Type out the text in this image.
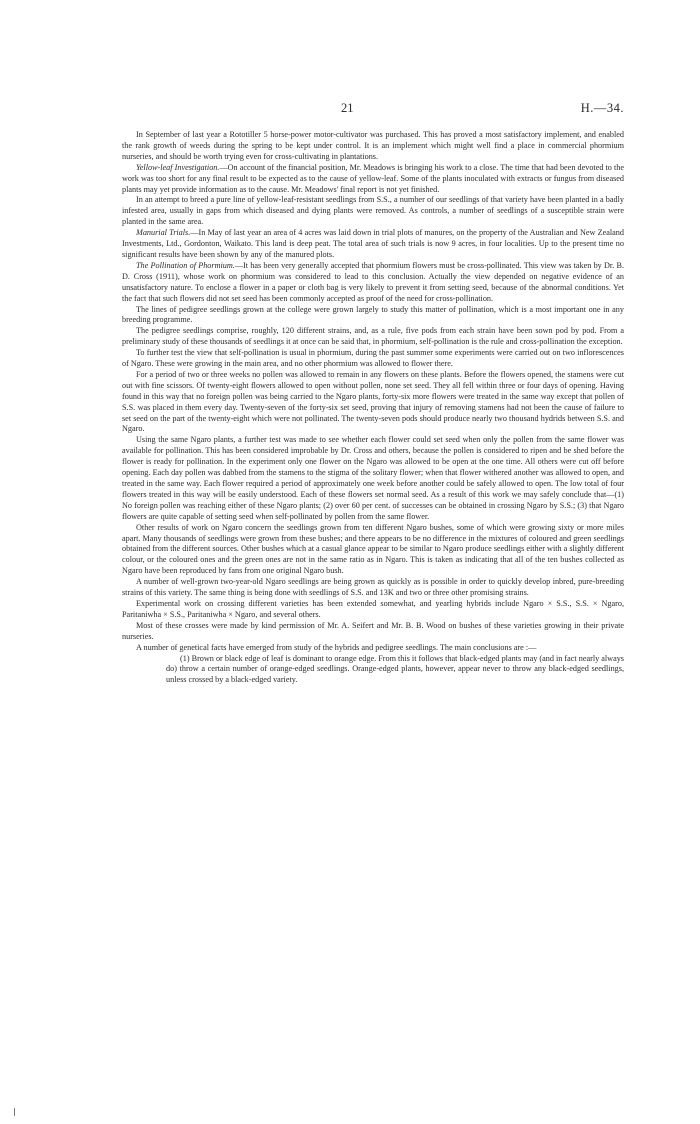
21	H.—34.

In September of last year a Rototiller 5 horse-power motor-cultivator was purchased. This has proved a most satisfactory implement, and enabled the rank growth of weeds during the spring to be kept under control. It is an implement which might well find a place in commercial phormium nurseries, and should be worth trying even for cross-cultivating in plantations.

Yellow-leaf Investigation.—On account of the financial position, Mr. Meadows is bringing his work to a close. The time that had been devoted to the work was too short for any final result to be expected as to the cause of yellow-leaf. Some of the plants inoculated with extracts or fungus from diseased plants may yet provide information as to the cause. Mr. Meadows' final report is not yet finished.

In an attempt to breed a pure line of yellow-leaf-resistant seedlings from S.S., a number of our seedlings of that variety have been planted in a badly infested area, usually in gaps from which diseased and dying plants were removed. As controls, a number of seedlings of a susceptible strain were planted in the same area.

Manurial Trials.—In May of last year an area of 4 acres was laid down in trial plots of manures, on the property of the Australian and New Zealand Investments, Ltd., Gordonton, Waikato. This land is deep peat. The total area of such trials is now 9 acres, in four localities. Up to the present time no significant results have been shown by any of the manured plots.

The Pollination of Phormium.—It has been very generally accepted that phormium flowers must be cross-pollinated. This view was taken by Dr. B. D. Cross (1911), whose work on phormium was considered to lead to this conclusion. Actually the view depended on negative evidence of an unsatisfactory nature. To enclose a flower in a paper or cloth bag is very likely to prevent it from setting seed, because of the abnormal conditions. Yet the fact that such flowers did not set seed has been commonly accepted as proof of the need for cross-pollination.

The lines of pedigree seedlings grown at the college were grown largely to study this matter of pollination, which is a most important one in any breeding programme.

The pedigree seedlings comprise, roughly, 120 different strains, and, as a rule, five pods from each strain have been sown pod by pod. From a preliminary study of these thousands of seedlings it at once can be said that, in phormium, self-pollination is the rule and cross-pollination the exception.

To further test the view that self-pollination is usual in phormium, during the past summer some experiments were carried out on two inflorescences of Ngaro. These were growing in the main area, and no other phormium was allowed to flower there.

For a period of two or three weeks no pollen was allowed to remain in any flowers on these plants. Before the flowers opened, the stamens were cut out with fine scissors. Of twenty-eight flowers allowed to open without pollen, none set seed. They all fell within three or four days of opening. Having found in this way that no foreign pollen was being carried to the Ngaro plants, forty-six more flowers were treated in the same way except that pollen of S.S. was placed in them every day. Twenty-seven of the forty-six set seed, proving that injury of removing stamens had not been the cause of failure to set seed on the part of the twenty-eight which were not pollinated. The twenty-seven pods should produce nearly two thousand hydrids between S.S. and Ngaro.

Using the same Ngaro plants, a further test was made to see whether each flower could set seed when only the pollen from the same flower was available for pollination. This has been considered improbable by Dr. Cross and others, because the pollen is considered to ripen and be shed before the flower is ready for pollination. In the experiment only one flower on the Ngaro was allowed to be open at the one time. All others were cut off before opening. Each day pollen was dabbed from the stamens to the stigma of the solitary flower; when that flower withered another was allowed to open, and treated in the same way. Each flower required a period of approximately one week before another could be safely allowed to open. The low total of four flowers treated in this way will be easily understood. Each of these flowers set normal seed. As a result of this work we may safely conclude that—(1) No foreign pollen was reaching either of these Ngaro plants; (2) over 60 per cent. of successes can be obtained in crossing Ngaro by S.S.; (3) that Ngaro flowers are quite capable of setting seed when self-pollinated by pollen from the same flower.

Other results of work on Ngaro concern the seedlings grown from ten different Ngaro bushes, some of which were growing sixty or more miles apart. Many thousands of seedlings were grown from these bushes; and there appears to be no difference in the mixtures of coloured and green seedlings obtained from the different sources. Other bushes which at a casual glance appear to be similar to Ngaro produce seedlings either with a slightly different colour, or the coloured ones and the green ones are not in the same ratio as in Ngaro. This is taken as indicating that all of the ten bushes collected as Ngaro have been reproduced by fans from one original Ngaro bush.

A number of well-grown two-year-old Ngaro seedlings are being grown as quickly as is possible in order to quickly develop inbred, pure-breeding strains of this variety. The same thing is being done with seedlings of S.S. and 13K and two or three other promising strains.

Experimental work on crossing different varieties has been extended somewhat, and yearling hybrids include Ngaro × S.S., S.S. × Ngaro, Paritaniwha × S.S., Paritaniwha × Ngaro, and several others.

Most of these crosses were made by kind permission of Mr. A. Seifert and Mr. B. B. Wood on bushes of these varieties growing in their private nurseries.

A number of genetical facts have emerged from study of the hybrids and pedigree seedlings. The main conclusions are :—

(1) Brown or black edge of leaf is dominant to orange edge. From this it follows that black-edged plants may (and in fact nearly always do) throw a certain number of orange-edged seedlings. Orange-edged plants, however, appear never to throw any black-edged seedlings, unless crossed by a black-edged variety.
